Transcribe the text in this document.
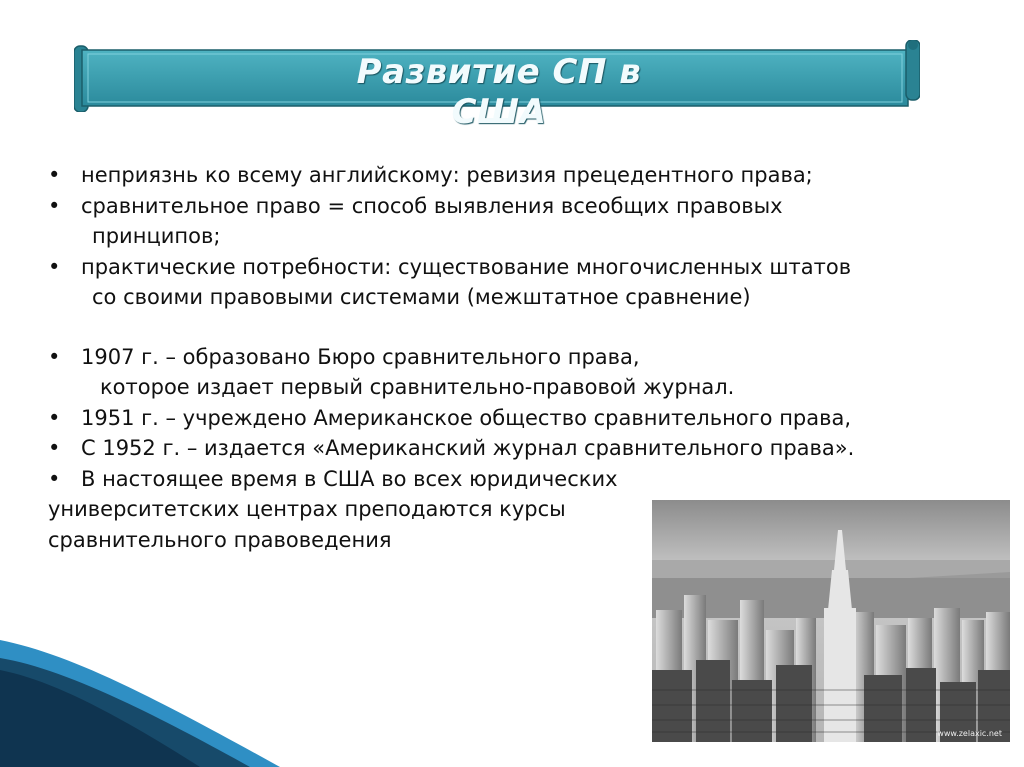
Развитие СП в США
• неприязнь ко всему английскому: ревизия прецедентного права;
• сравнительное право = способ выявления всеобщих правовых
принципов;
• практические потребности: существование многочисленных штатов
со своими правовыми системами (межштатное сравнение)
• 1907 г. – образовано Бюро сравнительного права,
которое издает первый сравнительно-правовой журнал.
• 1951 г. – учреждено Американское общество сравнительного права,
• С 1952 г. – издается «Американский журнал сравнительного права».
• В настоящее время в США во всех юридических
университетских центрах преподаются курсы
сравнительного правоведения
www.zelaxic.net
